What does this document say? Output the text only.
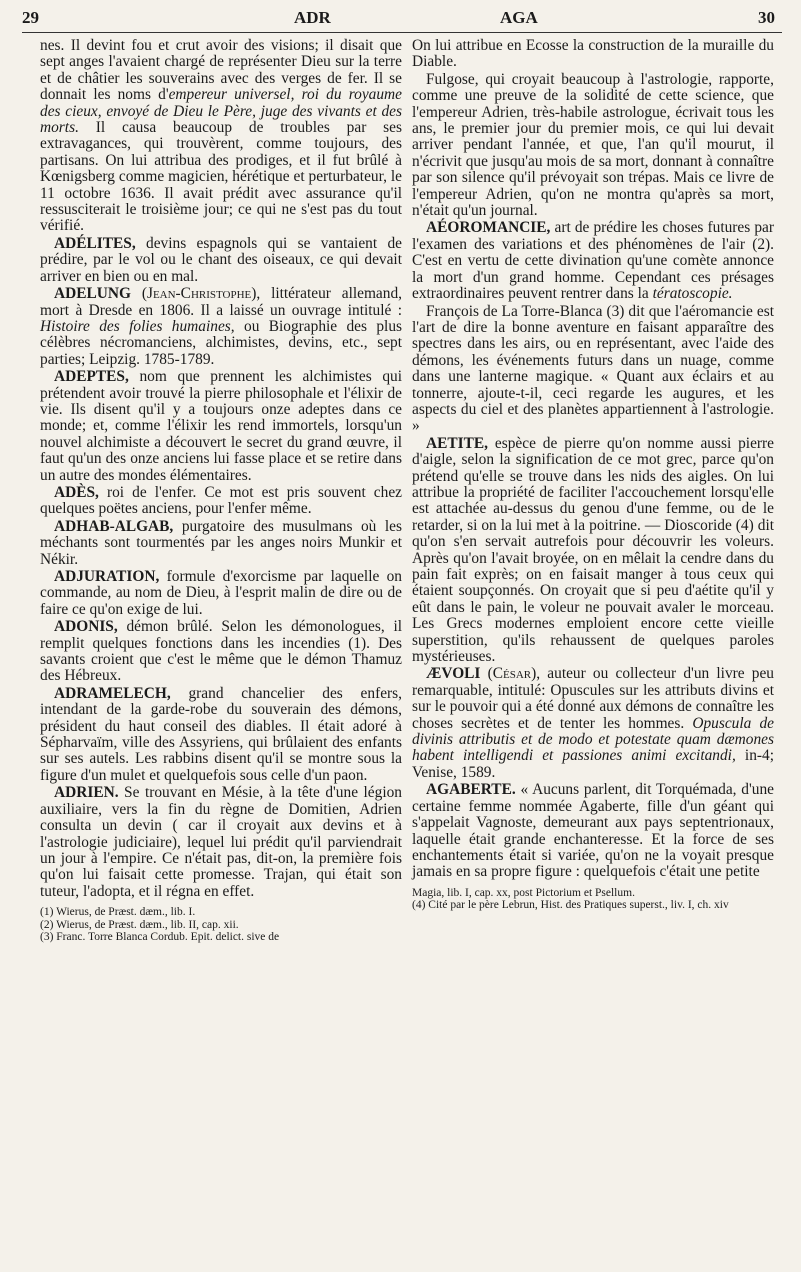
29	ADR	AGA	30

nes. Il devint fou et crut avoir des visions; il disait que sept anges l'avaient chargé de représenter Dieu sur la terre et de châtier les souverains avec des verges de fer. Il se donnait les noms d'empereur universel, roi du royaume des cieux, envoyé de Dieu le Père, juge des vivants et des morts. Il causa beaucoup de troubles par ses extravagances, qui trouvèrent, comme toujours, des partisans. On lui attribua des prodiges, et il fut brûlé à Kœnigsberg comme magicien, hérétique et perturbateur, le 11 octobre 1636. Il avait prédit avec assurance qu'il ressusciterait le troisième jour; ce qui ne s'est pas du tout vérifié.

ADÉLITES, devins espagnols qui se vantaient de prédire, par le vol ou le chant des oiseaux, ce qui devait arriver en bien ou en mal.

ADELUNG (Jean-Christophe), littérateur allemand, mort à Dresde en 1806. Il a laissé un ouvrage intitulé : Histoire des folies humaines, ou Biographie des plus célèbres nécromanciens, alchimistes, devins, etc., sept parties; Leipzig. 1785-1789.

ADEPTES, nom que prennent les alchimistes qui prétendent avoir trouvé la pierre philosophale et l'élixir de vie. Ils disent qu'il y a toujours onze adeptes dans ce monde; et, comme l'élixir les rend immortels, lorsqu'un nouvel alchimiste a découvert le secret du grand œuvre, il faut qu'un des onze anciens lui fasse place et se retire dans un autre des mondes élémentaires.

ADÈS, roi de l'enfer. Ce mot est pris souvent chez quelques poëtes anciens, pour l'enfer même.

ADHAB-ALGAB, purgatoire des musulmans où les méchants sont tourmentés par les anges noirs Munkir et Nékir.

ADJURATION, formule d'exorcisme par laquelle on commande, au nom de Dieu, à l'esprit malin de dire ou de faire ce qu'on exige de lui.

ADONIS, démon brûlé. Selon les démonologues, il remplit quelques fonctions dans les incendies (1). Des savants croient que c'est le même que le démon Thamuz des Hébreux.

ADRAMELECH, grand chancelier des enfers, intendant de la garde-robe du souverain des démons, président du haut conseil des diables. Il était adoré à Sépharvaïm, ville des Assyriens, qui brûlaient des enfants sur ses autels. Les rabbins disent qu'il se montre sous la figure d'un mulet et quelquefois sous celle d'un paon.

ADRIEN. Se trouvant en Mésie, à la tête d'une légion auxiliaire, vers la fin du règne de Domitien, Adrien consulta un devin ( car il croyait aux devins et à l'astrologie judiciaire), lequel lui prédit qu'il parviendrait un jour à l'empire. Ce n'était pas, dit-on, la première fois qu'on lui faisait cette promesse. Trajan, qui était son tuteur, l'adopta, et il régna en effet.

(1) Wierus, de Præst. dæm., lib. I.
(2) Wierus, de Præst. dæm., lib. II, cap. xii.
(3) Franc. Torre Blanca Cordub. Epit. delict. sive de

On lui attribue en Ecosse la construction de la muraille du Diable.

Fulgose, qui croyait beaucoup à l'astrologie, rapporte, comme une preuve de la solidité de cette science, que l'empereur Adrien, très-habile astrologue, écrivait tous les ans, le premier jour du premier mois, ce qui lui devait arriver pendant l'année, et que, l'an qu'il mourut, il n'écrivit que jusqu'au mois de sa mort, donnant à connaître par son silence qu'il prévoyait son trépas. Mais ce livre de l'empereur Adrien, qu'on ne montra qu'après sa mort, n'était qu'un journal.

AÉOROMANCIE, art de prédire les choses futures par l'examen des variations et des phénomènes de l'air (2). C'est en vertu de cette divination qu'une comète annonce la mort d'un grand homme. Cependant ces présages extraordinaires peuvent rentrer dans la tératoscopie.

François de La Torre-Blanca (3) dit que l'aéromancie est l'art de dire la bonne aventure en faisant apparaître des spectres dans les airs, ou en représentant, avec l'aide des démons, les événements futurs dans un nuage, comme dans une lanterne magique. « Quant aux éclairs et au tonnerre, ajoute-t-il, ceci regarde les augures, et les aspects du ciel et des planètes appartiennent à l'astrologie. »

AETITE, espèce de pierre qu'on nomme aussi pierre d'aigle, selon la signification de ce mot grec, parce qu'on prétend qu'elle se trouve dans les nids des aigles. On lui attribue la propriété de faciliter l'accouchement lorsqu'elle est attachée au-dessus du genou d'une femme, ou de le retarder, si on la lui met à la poitrine. — Dioscoride (4) dit qu'on s'en servait autrefois pour découvrir les voleurs. Après qu'on l'avait broyée, on en mêlait la cendre dans du pain fait exprès; on en faisait manger à tous ceux qui étaient soupçonnés. On croyait que si peu d'aétite qu'il y eût dans le pain, le voleur ne pouvait avaler le morceau. Les Grecs modernes emploient encore cette vieille superstition, qu'ils rehaussent de quelques paroles mystérieuses.

ÆVOLI (César), auteur ou collecteur d'un livre peu remarquable, intitulé: Opuscules sur les attributs divins et sur le pouvoir qui a été donné aux démons de connaître les choses secrètes et de tenter les hommes. Opuscula de divinis attributis et de modo et potestate quam dæmones habent intelligendi et passiones animi excitandi, in-4; Venise, 1589.

AGABERTE. « Aucuns parlent, dit Torquémada, d'une certaine femme nommée Agaberte, fille d'un géant qui s'appelait Vagnoste, demeurant aux pays septentrionaux, laquelle était grande enchanteresse. Et la force de ses enchantements était si variée, qu'on ne la voyait presque jamais en sa propre figure : quelquefois c'était une petite

Magia, lib. I, cap. xx, post Pictorium et Psellum.
(4) Cité par le père Lebrun, Hist. des Pratiques superst., liv. I, ch. xiv
